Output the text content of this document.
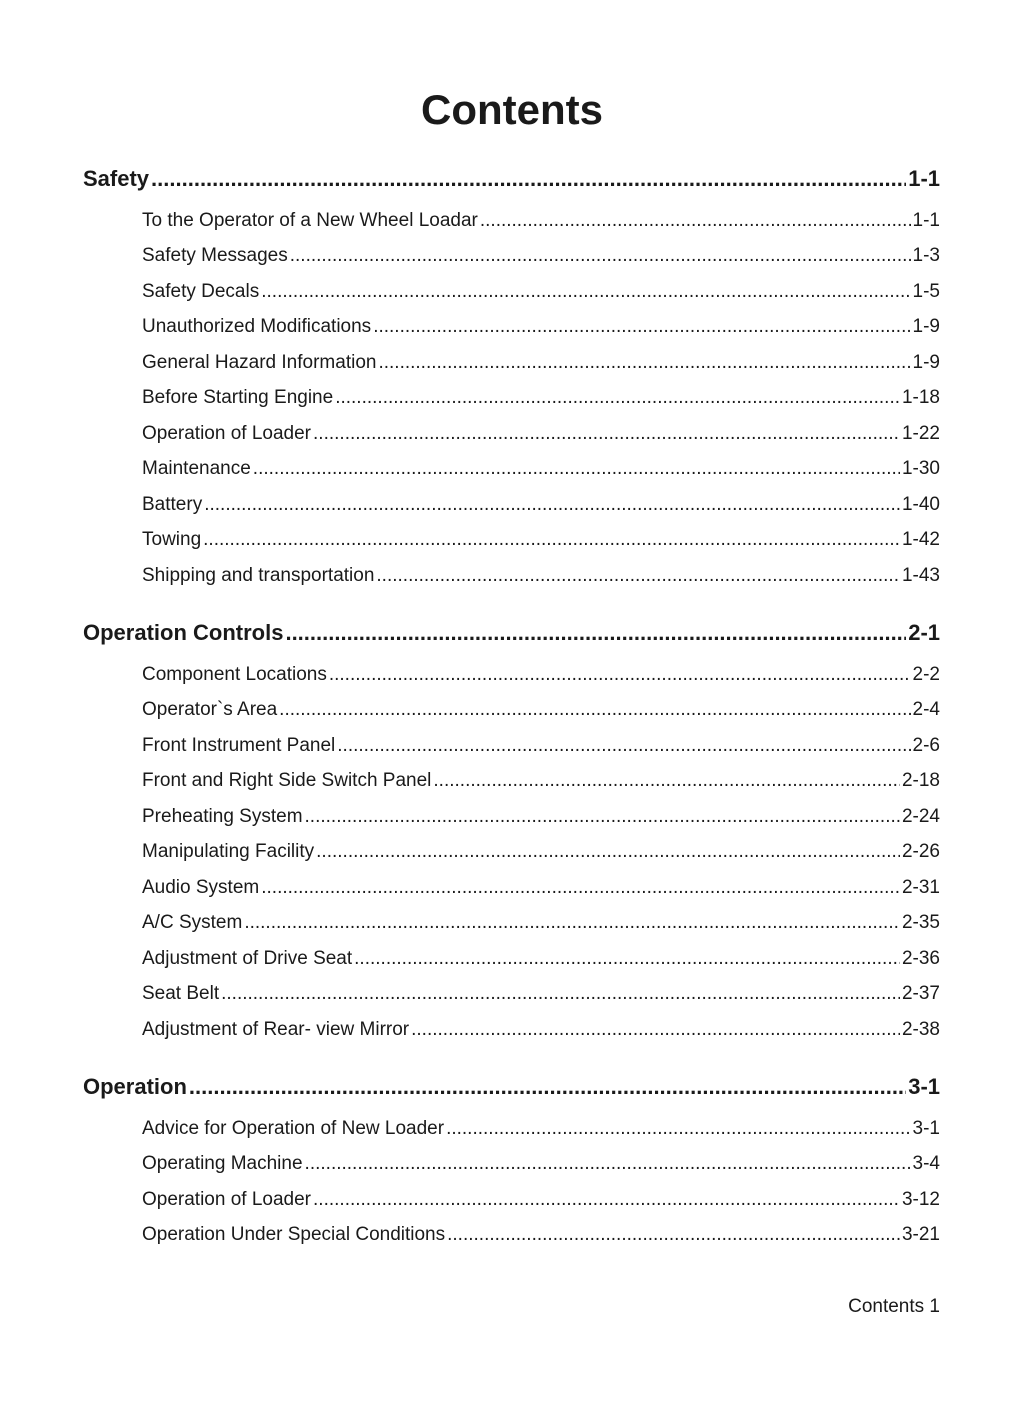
Contents
Safety .....	1-1
To the Operator of a New Wheel Loadar .....	1-1
Safety Messages .....	1-3
Safety Decals .....	1-5
Unauthorized Modifications .....	1-9
General Hazard Information .....	1-9
Before Starting Engine .....	1-18
Operation of Loader .....	1-22
Maintenance .....	1-30
Battery .....	1-40
Towing .....	1-42
Shipping and transportation .....	1-43
Operation Controls .....	2-1
Component Locations .....	2-2
Operator`s Area .....	2-4
Front Instrument Panel .....	2-6
Front and Right Side Switch Panel .....	2-18
Preheating System .....	2-24
Manipulating Facility .....	2-26
Audio System .....	2-31
A/C System .....	2-35
Adjustment of Drive Seat .....	2-36
Seat Belt .....	2-37
Adjustment of Rear- view Mirror .....	2-38
Operation .....	3-1
Advice for Operation of New Loader .....	3-1
Operating Machine .....	3-4
Operation of Loader .....	3-12
Operation Under Special Conditions .....	3-21
Contents 1
